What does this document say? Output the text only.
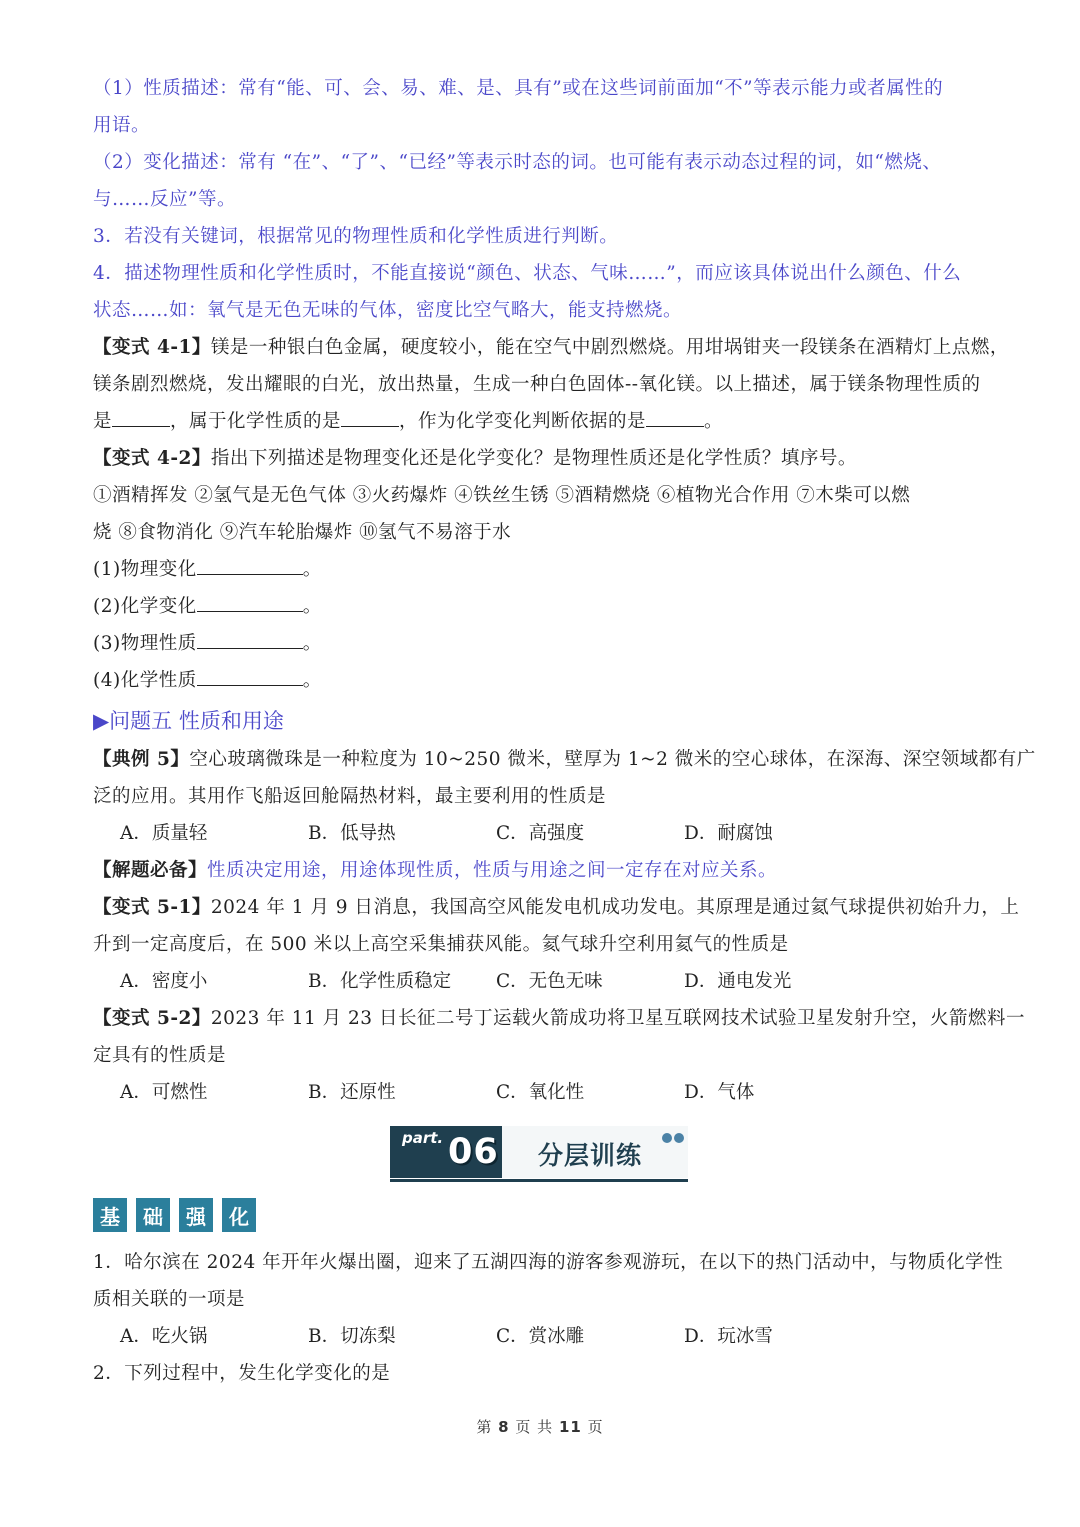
（1）性质描述：常有“能、可、会、易、难、是、具有”或在这些词前面加“不”等表示能力或者属性的
用语。
（2）变化描述：常有 “在”、“了”、“已经”等表示时态的词。也可能有表示动态过程的词，如“燃烧、
与……反应”等。
3．若没有关键词，根据常见的物理性质和化学性质进行判断。
4．描述物理性质和化学性质时，不能直接说“颜色、状态、气味……”，而应该具体说出什么颜色、什么
状态……如：氧气是无色无味的气体，密度比空气略大，能支持燃烧。
【变式 4-1】镁是一种银白色金属，硬度较小，能在空气中剧烈燃烧。用坩埚钳夹一段镁条在酒精灯上点燃，
镁条剧烈燃烧，发出耀眼的白光，放出热量，生成一种白色固体--氧化镁。以上描述，属于镁条物理性质的
是	，属于化学性质的是	，作为化学变化判断依据的是	。
【变式 4-2】指出下列描述是物理变化还是化学变化？是物理性质还是化学性质？填序号。
①酒精挥发 ②氢气是无色气体 ③火药爆炸 ④铁丝生锈 ⑤酒精燃烧 ⑥植物光合作用 ⑦木柴可以燃
烧 ⑧食物消化 ⑨汽车轮胎爆炸 ⑩氢气不易溶于水
(1)物理变化	。
(2)化学变化	。
(3)物理性质	。
(4)化学性质	。
▶问题五 性质和用途
【典例 5】空心玻璃微珠是一种粒度为 10~250 微米，壁厚为 1~2 微米的空心球体，在深海、深空领域都有广
泛的应用。其用作飞船返回舱隔热材料，最主要利用的性质是
A．质量轻	B．低导热	C．高强度	D．耐腐蚀
【解题必备】性质决定用途，用途体现性质，性质与用途之间一定存在对应关系。
【变式 5-1】2024 年 1 月 9 日消息，我国高空风能发电机成功发电。其原理是通过氦气球提供初始升力，上
升到一定高度后，在 500 米以上高空采集捕获风能。氦气球升空利用氦气的性质是
A．密度小	B．化学性质稳定	C．无色无味	D．通电发光
【变式 5-2】2023 年 11 月 23 日长征二号丁运载火箭成功将卫星互联网技术试验卫星发射升空，火箭燃料一
定具有的性质是
A．可燃性	B．还原性	C．氧化性	D．气体
part. 06 分层训练
基	础	强	化
1．哈尔滨在 2024 年开年火爆出圈，迎来了五湖四海的游客参观游玩，在以下的热门活动中，与物质化学性
质相关联的一项是
A．吃火锅	B．切冻梨	C．赏冰雕	D．玩冰雪
2．下列过程中，发生化学变化的是
第 8 页 共 11 页
